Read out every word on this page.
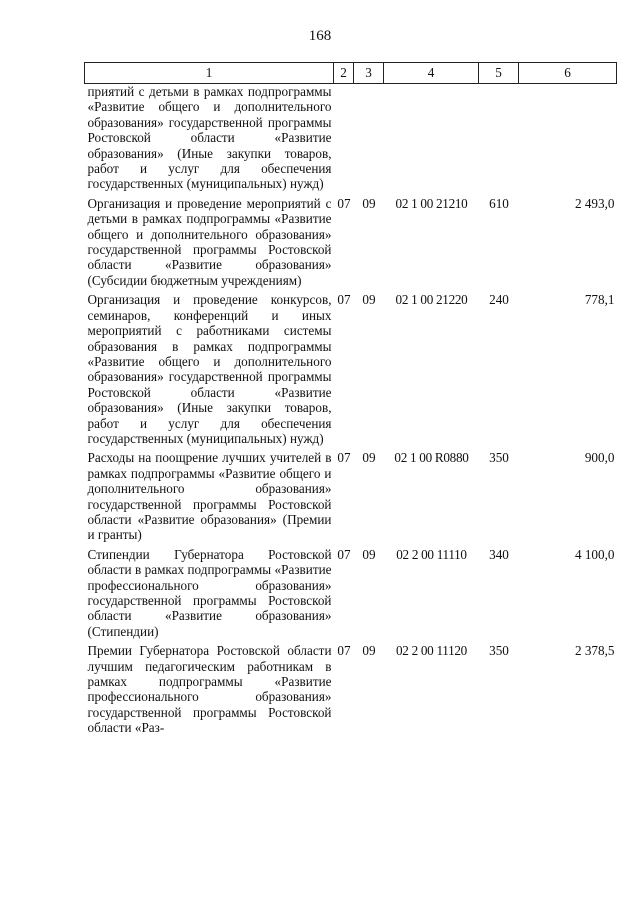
168
1	2	3	4	5	6
приятий с детьми в рамках подпрограммы «Развитие общего и дополнительного образования» государственной программы Ростовской области «Развитие образования» (Иные закупки товаров, работ и услуг для обеспечения государственных (муниципальных) нужд)					
Организация и проведение мероприятий с детьми в рамках подпрограммы «Развитие общего и дополнительного образования» государственной программы Ростовской области «Развитие образования» (Субсидии бюджетным учреждениям)	07	09	02 1 00 21210	610	2 493,0
Организация и проведение конкурсов, семинаров, конференций и иных мероприятий с работниками системы образования в рамках подпрограммы «Развитие общего и дополнительного образования» государственной программы Ростовской области «Развитие образования» (Иные закупки товаров, работ и услуг для обеспечения государственных (муниципальных) нужд)	07	09	02 1 00 21220	240	778,1
Расходы на поощрение лучших учителей в рамках подпрограммы «Развитие общего и дополнительного образования» государственной программы Ростовской области «Развитие образования» (Премии и гранты)	07	09	02 1 00 R0880	350	900,0
Стипендии Губернатора Ростовской области в рамках подпрограммы «Развитие профессионального образования» государственной программы Ростовской области «Развитие образования» (Стипендии)	07	09	02 2 00 11110	340	4 100,0
Премии Губернатора Ростовской области лучшим педагогическим работникам в рамках подпрограммы «Развитие профессионального образования» государственной программы Ростовской области «Раз-	07	09	02 2 00 11120	350	2 378,5
